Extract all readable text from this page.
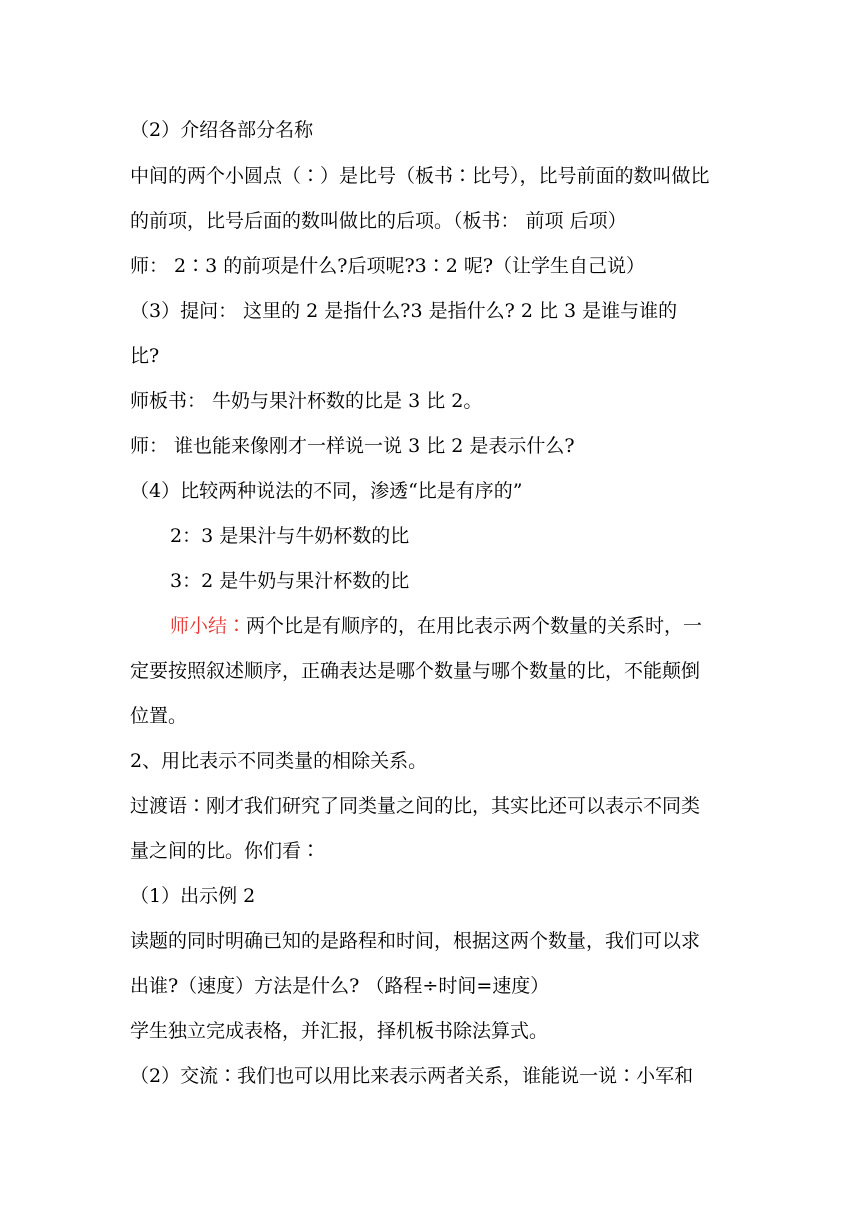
（2）介绍各部分名称
中间的两个小圆点（∶）是比号（板书∶比号），比号前面的数叫做比
的前项，比号后面的数叫做比的后项。（板书： 前项 后项）
师： 2∶3 的前项是什么?后项呢?3∶2 呢?（让学生自己说）
（3）提问： 这里的 2 是指什么?3 是指什么? 2 比 3 是谁与谁的
比?
师板书： 牛奶与果汁杯数的比是 3 比 2。
师： 谁也能来像刚才一样说一说 3 比 2 是表示什么?
（4）比较两种说法的不同，渗透“比是有序的”
2：3 是果汁与牛奶杯数的比
3：2 是牛奶与果汁杯数的比
师小结∶两个比是有顺序的，在用比表示两个数量的关系时，一
定要按照叙述顺序，正确表达是哪个数量与哪个数量的比，不能颠倒
位置。
2、用比表示不同类量的相除关系。
过渡语∶刚才我们研究了同类量之间的比，其实比还可以表示不同类
量之间的比。你们看∶
（1）出示例 2
读题的同时明确已知的是路程和时间，根据这两个数量，我们可以求
出谁?（速度）方法是什么? （路程÷时间=速度）
学生独立完成表格，并汇报，择机板书除法算式。
（2）交流∶我们也可以用比来表示两者关系，谁能说一说∶小军和
